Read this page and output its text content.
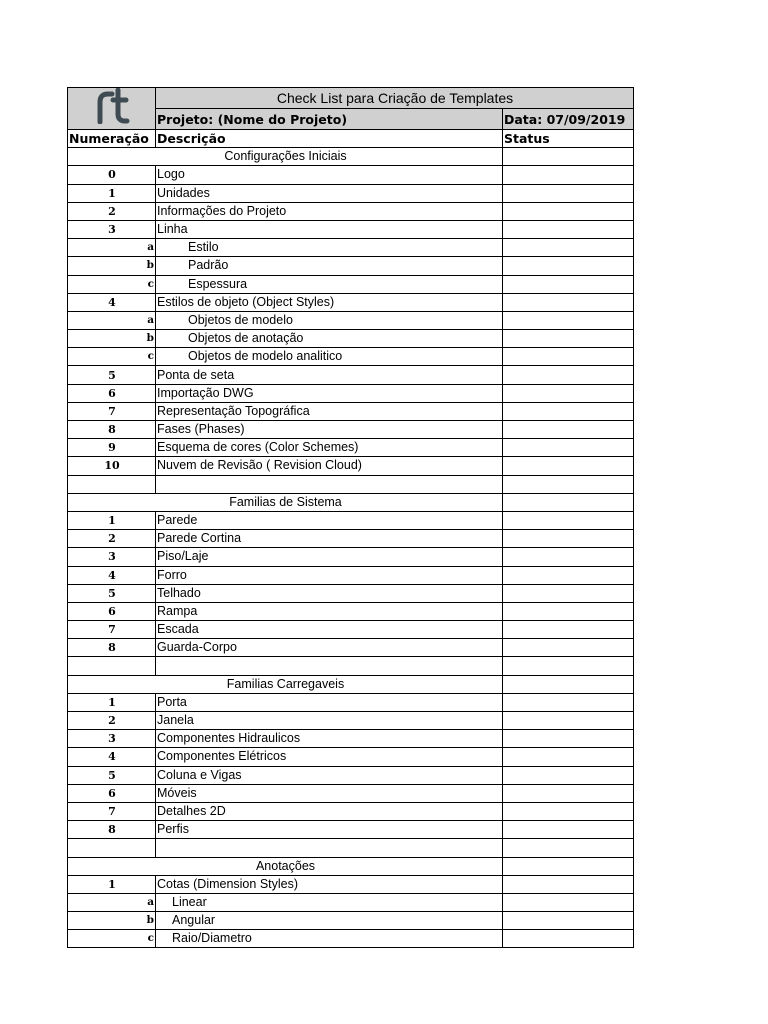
	Check List para Criação de Templates	
	Projeto: (Nome do Projeto)	Data: 07/09/2019
Numeração	Descrição	Status
Configurações Iniciais		
0	Logo	
1	Unidades	
2	Informações do Projeto	
3	Linha	
a	Estilo	
b	Padrão	
c	Espessura	
4	Estilos de objeto (Object Styles)	
a	Objetos de modelo	
b	Objetos de anotação	
c	Objetos de modelo analitico	
5	Ponta de seta	
6	Importação DWG	
7	Representação Topográfica	
8	Fases (Phases)	
9	Esquema de cores (Color Schemes)	
10	Nuvem de Revisão ( Revision Cloud)	

Familias de Sistema		
1	Parede	
2	Parede Cortina	
3	Piso/Laje	
4	Forro	
5	Telhado	
6	Rampa	
7	Escada	
8	Guarda-Corpo	

Familias Carregaveis		
1	Porta	
2	Janela	
3	Componentes Hidraulicos	
4	Componentes Elétricos	
5	Coluna e Vigas	
6	Móveis	
7	Detalhes 2D	
8	Perfis	

Anotações		
1	Cotas (Dimension Styles)	
a	Linear	
b	Angular	
c	Raio/Diametro	
